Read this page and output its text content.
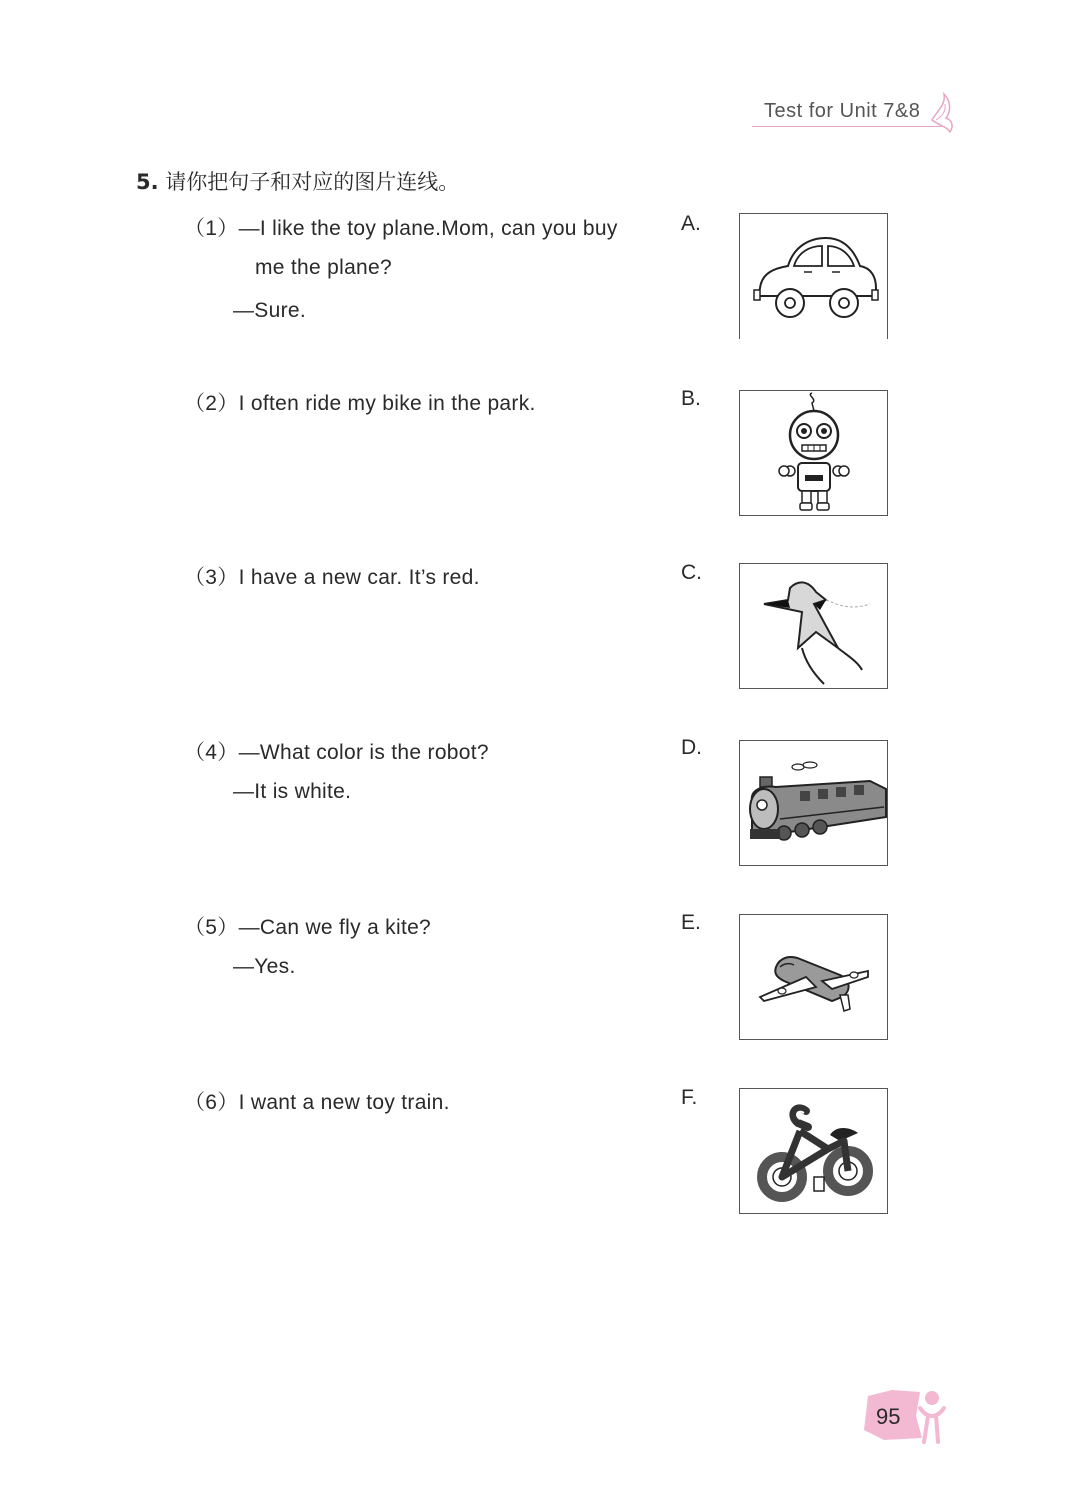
Test for Unit 7&8
5. 请你把句子和对应的图片连线。
（1）—I like the toy plane.Mom, can you buy
me the plane?
—Sure.
（2）I often ride my bike in the park.
（3）I have a new car. It’s red.
（4）—What color is the robot?
—It is white.
（5）—Can we fly a kite?
—Yes.
（6）I want a new toy train.
A.
B.
C.
D.
E.
F.
95
